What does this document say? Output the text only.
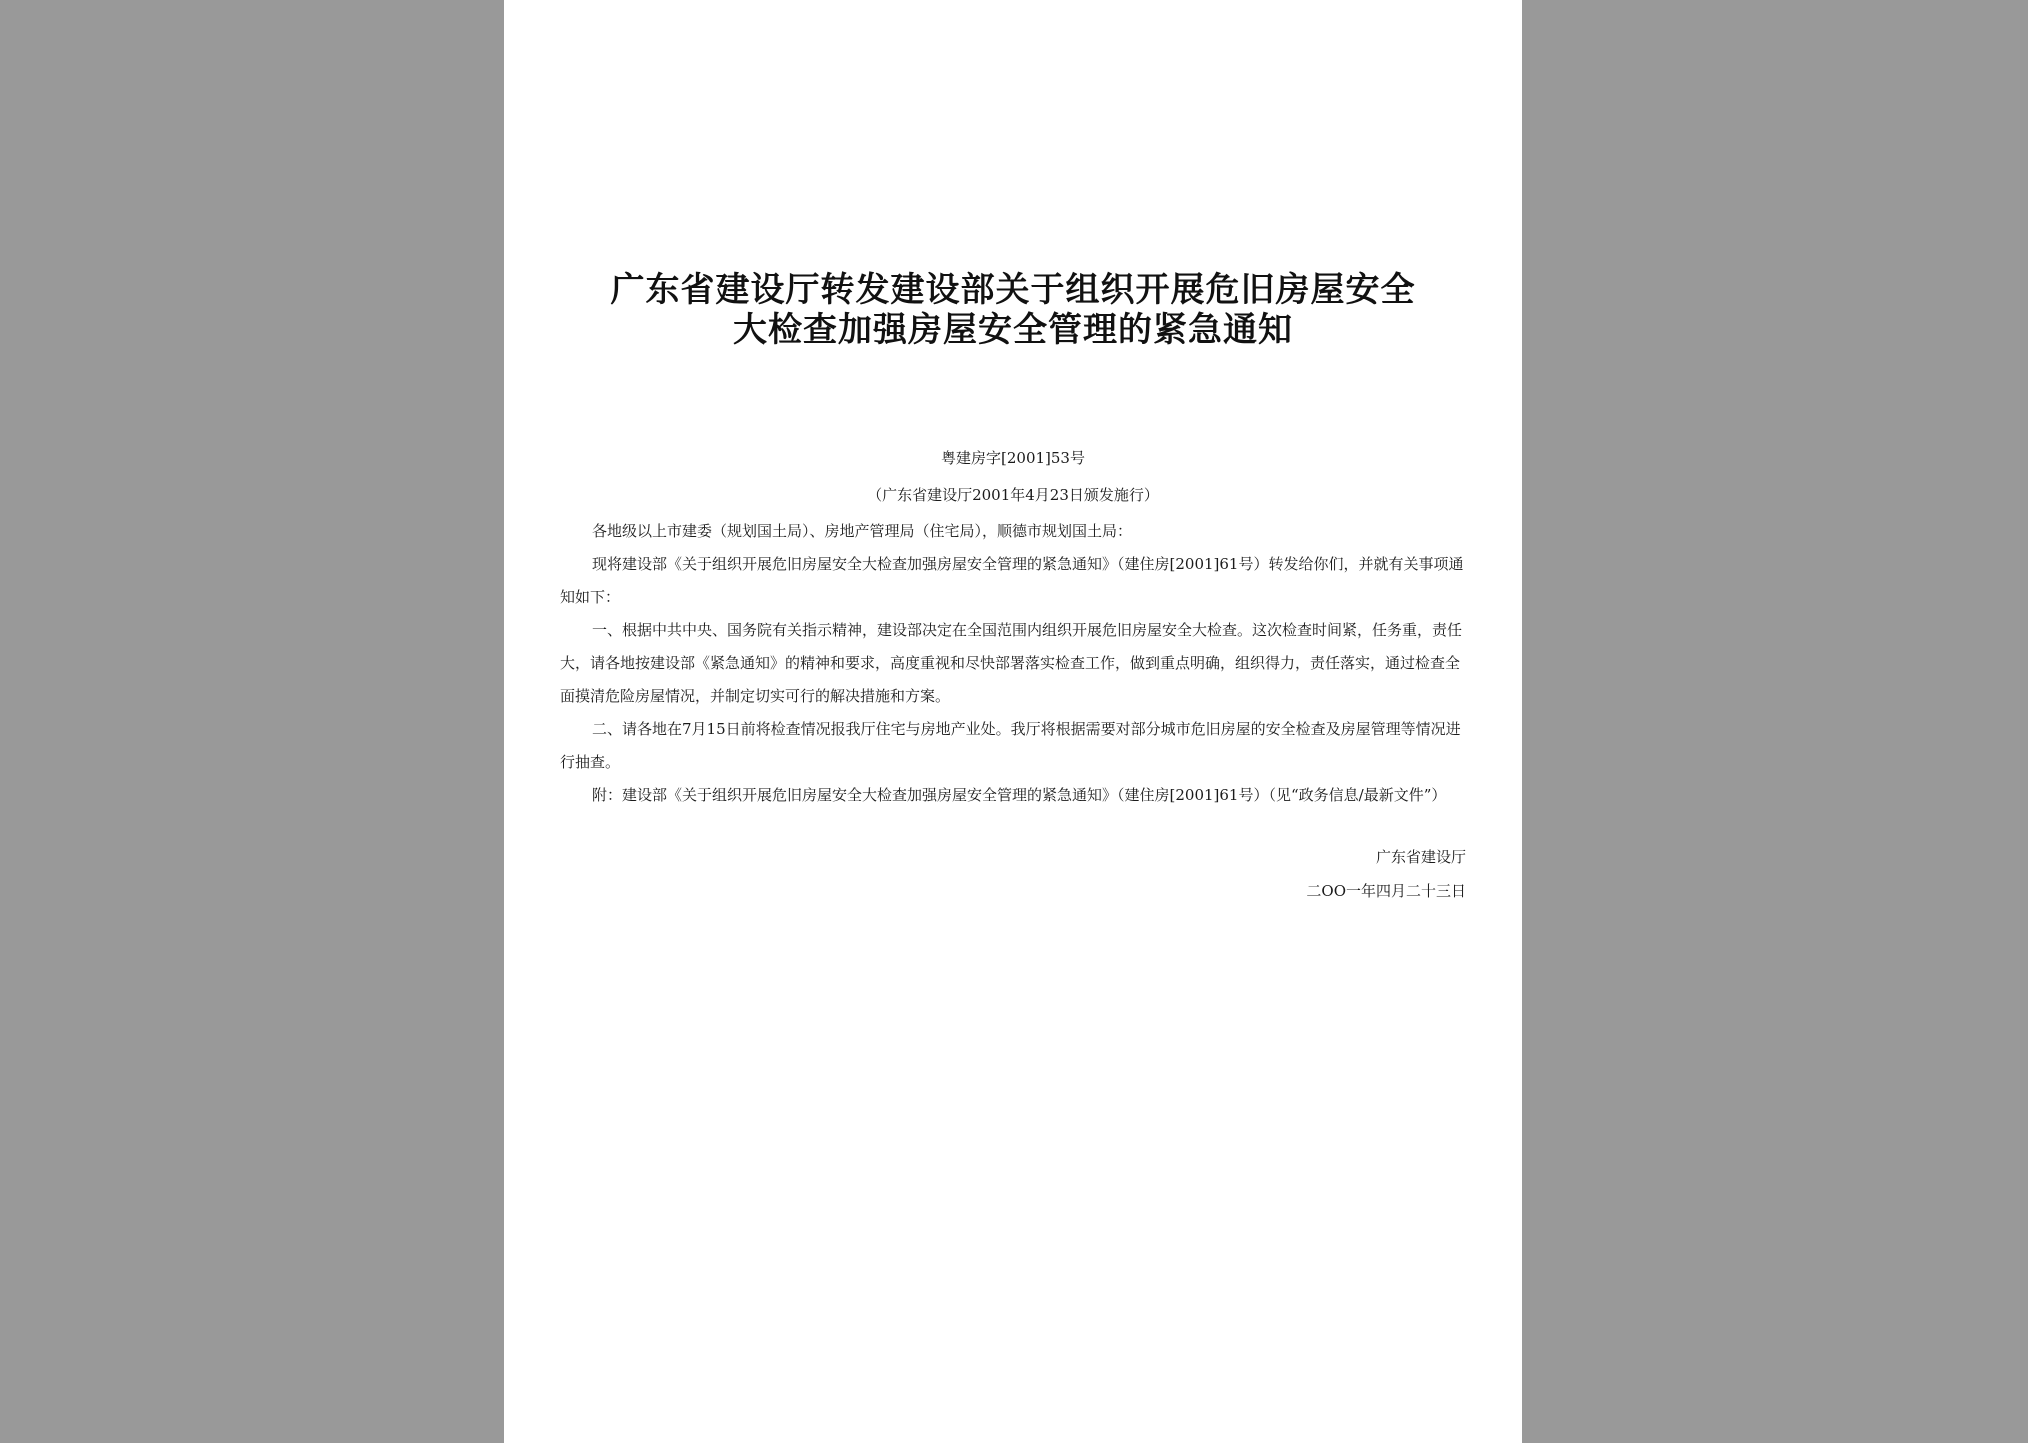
广东省建设厅转发建设部关于组织开展危旧房屋安全
大检查加强房屋安全管理的紧急通知
粤建房字[2001]53号
（广东省建设厅2001年4月23日颁发施行）
各地级以上市建委（规划国土局）、房地产管理局（住宅局），顺德市规划国土局：
现将建设部《关于组织开展危旧房屋安全大检查加强房屋安全管理的紧急通知》（建住房[2001]61号）转发给你们，并就有关事项通知如下：
一、根据中共中央、国务院有关指示精神，建设部决定在全国范围内组织开展危旧房屋安全大检查。这次检查时间紧，任务重，责任大，请各地按建设部《紧急通知》的精神和要求，高度重视和尽快部署落实检查工作，做到重点明确，组织得力，责任落实，通过检查全面摸清危险房屋情况，并制定切实可行的解决措施和方案。
二、请各地在7月15日前将检查情况报我厅住宅与房地产业处。我厅将根据需要对部分城市危旧房屋的安全检查及房屋管理等情况进行抽查。
附：建设部《关于组织开展危旧房屋安全大检查加强房屋安全管理的紧急通知》（建住房[2001]61号）（见“政务信息/最新文件”）
广东省建设厅
二OO一年四月二十三日
